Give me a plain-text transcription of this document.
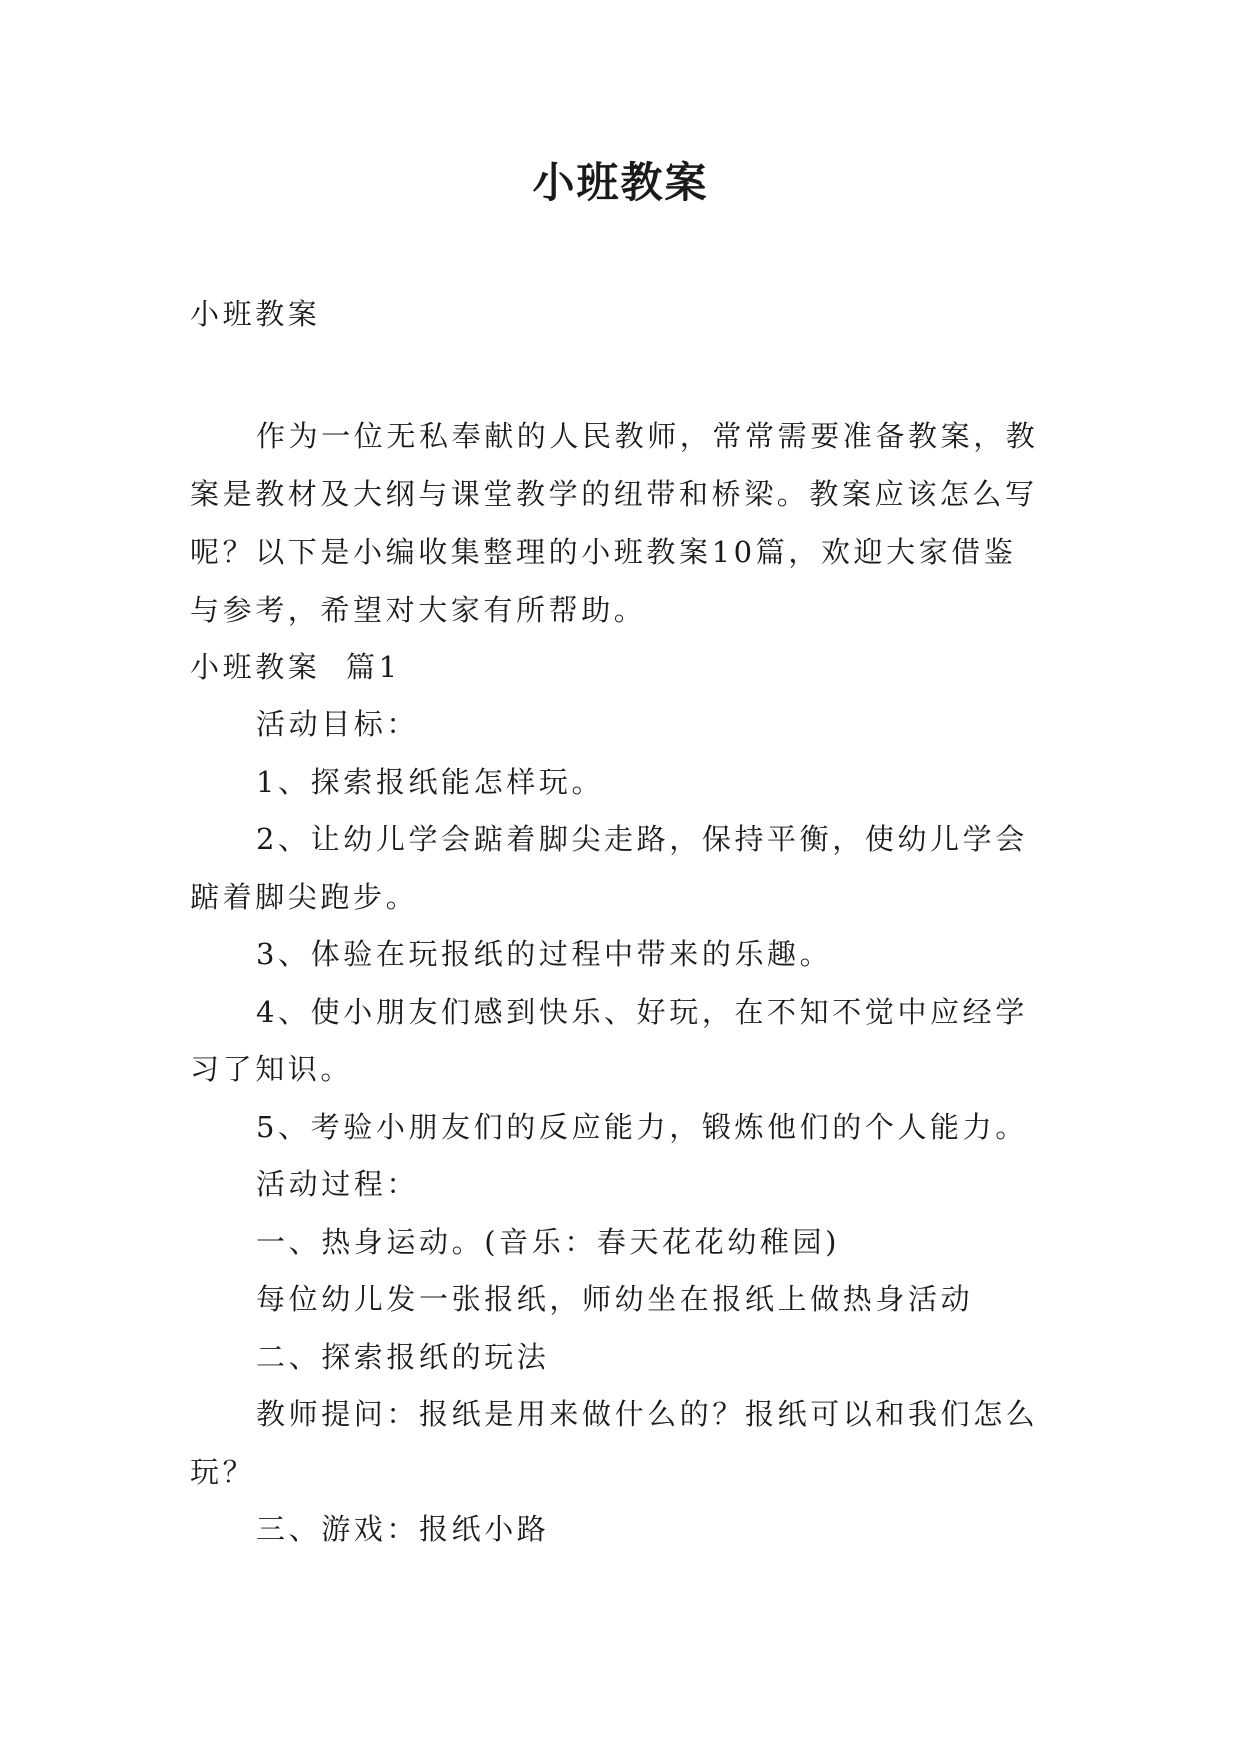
小班教案

小班教案

作为一位无私奉献的人民教师，常常需要准备教案，教

案是教材及大纲与课堂教学的纽带和桥梁。教案应该怎么写

呢？以下是小编收集整理的小班教案10篇，欢迎大家借鉴

与参考，希望对大家有所帮助。

小班教案  篇1

活动目标：

1、探索报纸能怎样玩。

2、让幼儿学会踮着脚尖走路，保持平衡，使幼儿学会

踮着脚尖跑步。

3、体验在玩报纸的过程中带来的乐趣。

4、使小朋友们感到快乐、好玩，在不知不觉中应经学

习了知识。

5、考验小朋友们的反应能力，锻炼他们的个人能力。

活动过程：

一、热身运动。(音乐：春天花花幼稚园)

每位幼儿发一张报纸，师幼坐在报纸上做热身活动

二、探索报纸的玩法

教师提问：报纸是用来做什么的？报纸可以和我们怎么

玩？

三、游戏：报纸小路
